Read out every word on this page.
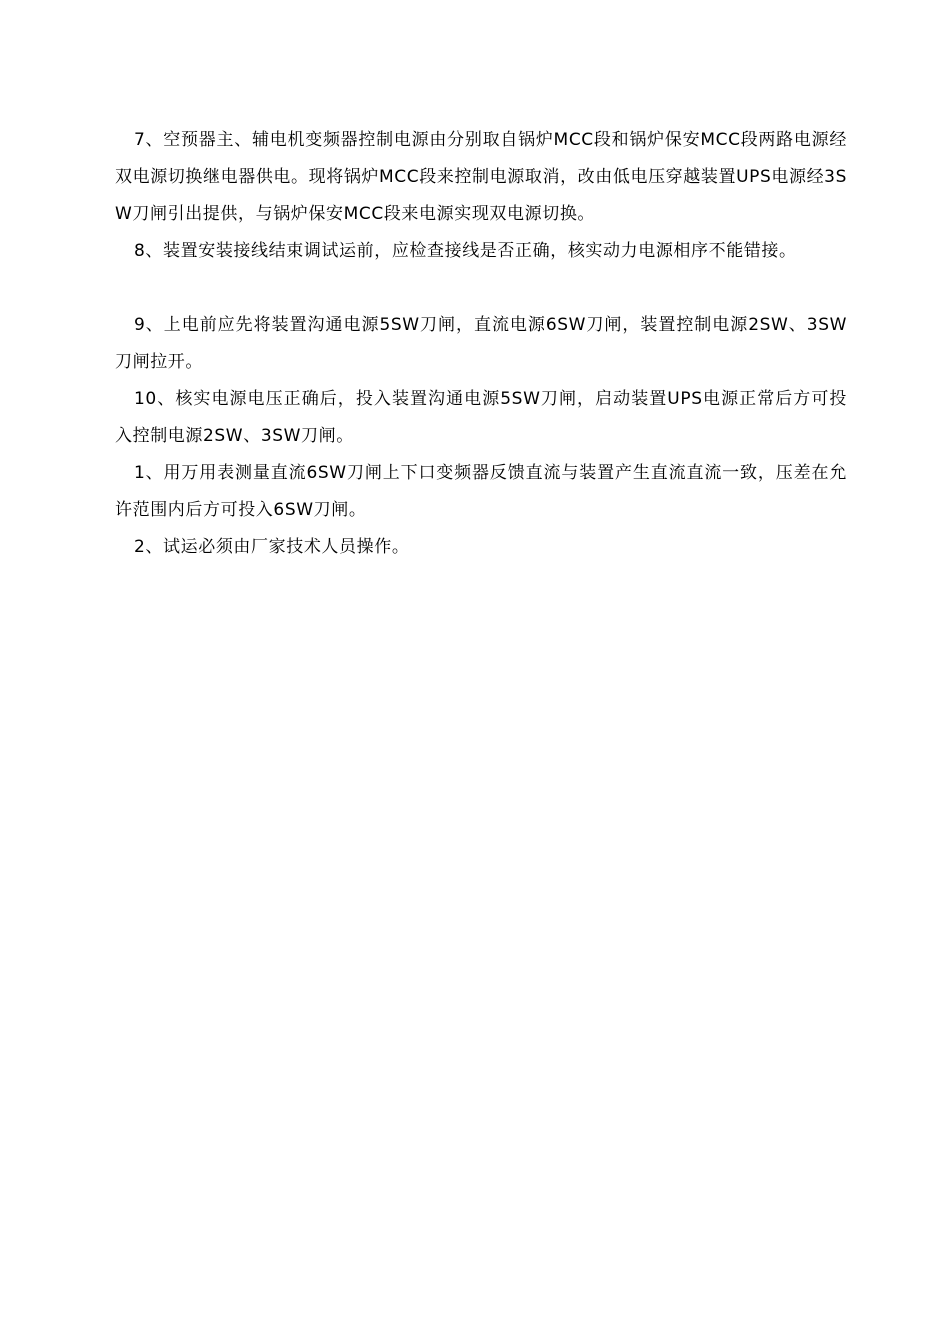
7、空预器主、辅电机变频器控制电源由分别取自锅炉MCC段和锅炉保安MCC段两路电源经双电源切换继电器供电。现将锅炉MCC段来控制电源取消，改由低电压穿越装置UPS电源经3SW刀闸引出提供，与锅炉保安MCC段来电源实现双电源切换。

8、装置安装接线结束调试运前，应检查接线是否正确，核实动力电源相序不能错接。

9、上电前应先将装置沟通电源5SW刀闸，直流电源6SW刀闸，装置控制电源2SW、3SW刀闸拉开。

10、核实电源电压正确后，投入装置沟通电源5SW刀闸，启动装置UPS电源正常后方可投入控制电源2SW、3SW刀闸。

1、用万用表测量直流6SW刀闸上下口变频器反馈直流与装置产生直流直流一致，压差在允许范围内后方可投入6SW刀闸。

2、试运必须由厂家技术人员操作。
